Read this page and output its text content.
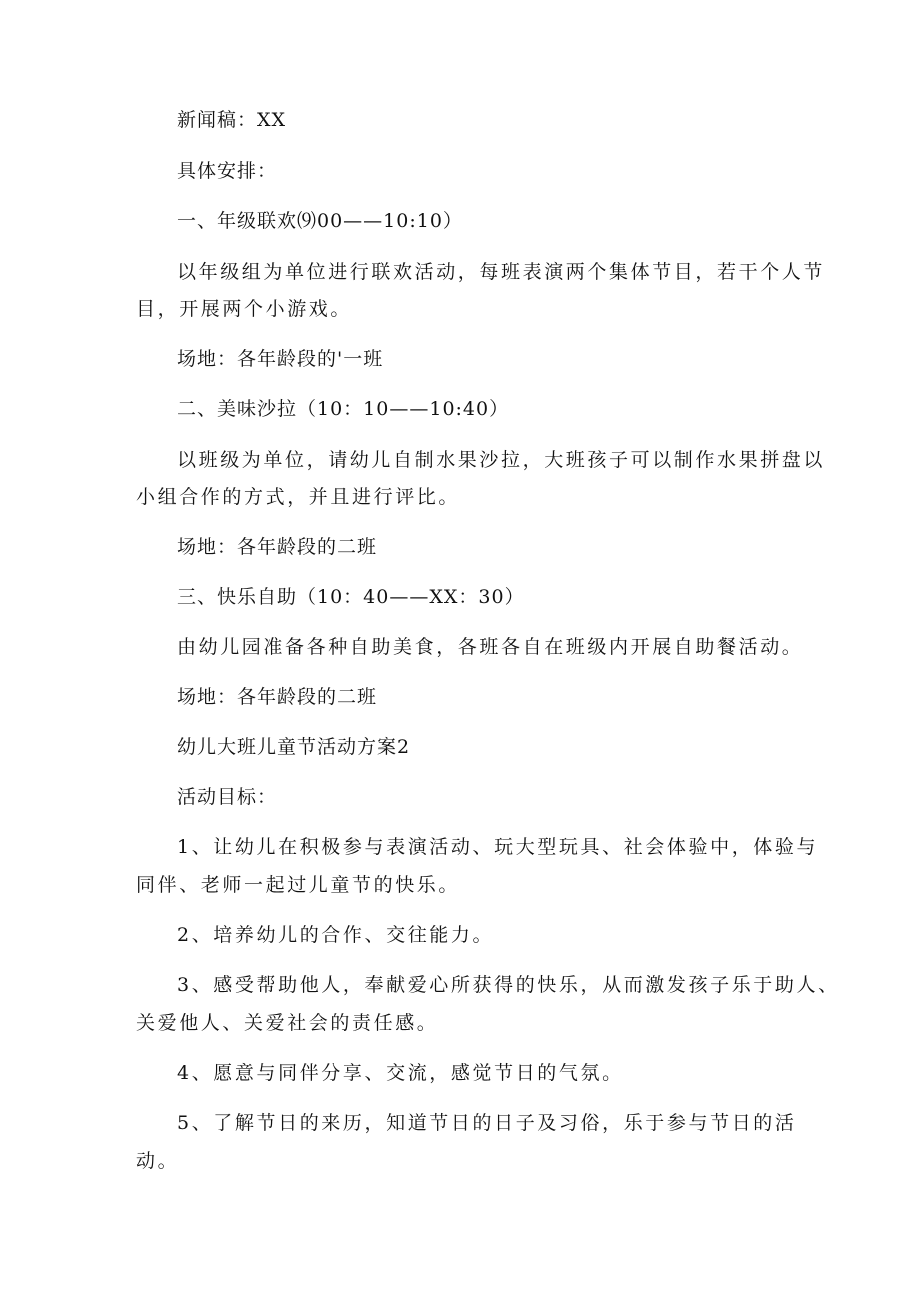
新闻稿：XX
具体安排：
一、年级联欢⑼00——10:10）
以年级组为单位进行联欢活动，每班表演两个集体节目，若干个人节
目，开展两个小游戏。
场地：各年龄段的'一班
二、美味沙拉（10：10——10:40）
以班级为单位，请幼儿自制水果沙拉，大班孩子可以制作水果拼盘以
小组合作的方式，并且进行评比。
场地：各年龄段的二班
三、快乐自助（10：40——XX：30）
由幼儿园准备各种自助美食，各班各自在班级内开展自助餐活动。
场地：各年龄段的二班
幼儿大班儿童节活动方案2
活动目标：
1、让幼儿在积极参与表演活动、玩大型玩具、社会体验中，体验与
同伴、老师一起过儿童节的快乐。
2、培养幼儿的合作、交往能力。
3、感受帮助他人，奉献爱心所获得的快乐，从而激发孩子乐于助人、
关爱他人、关爱社会的责任感。
4、愿意与同伴分享、交流，感觉节日的气氛。
5、了解节日的来历，知道节日的日子及习俗，乐于参与节日的活
动。
